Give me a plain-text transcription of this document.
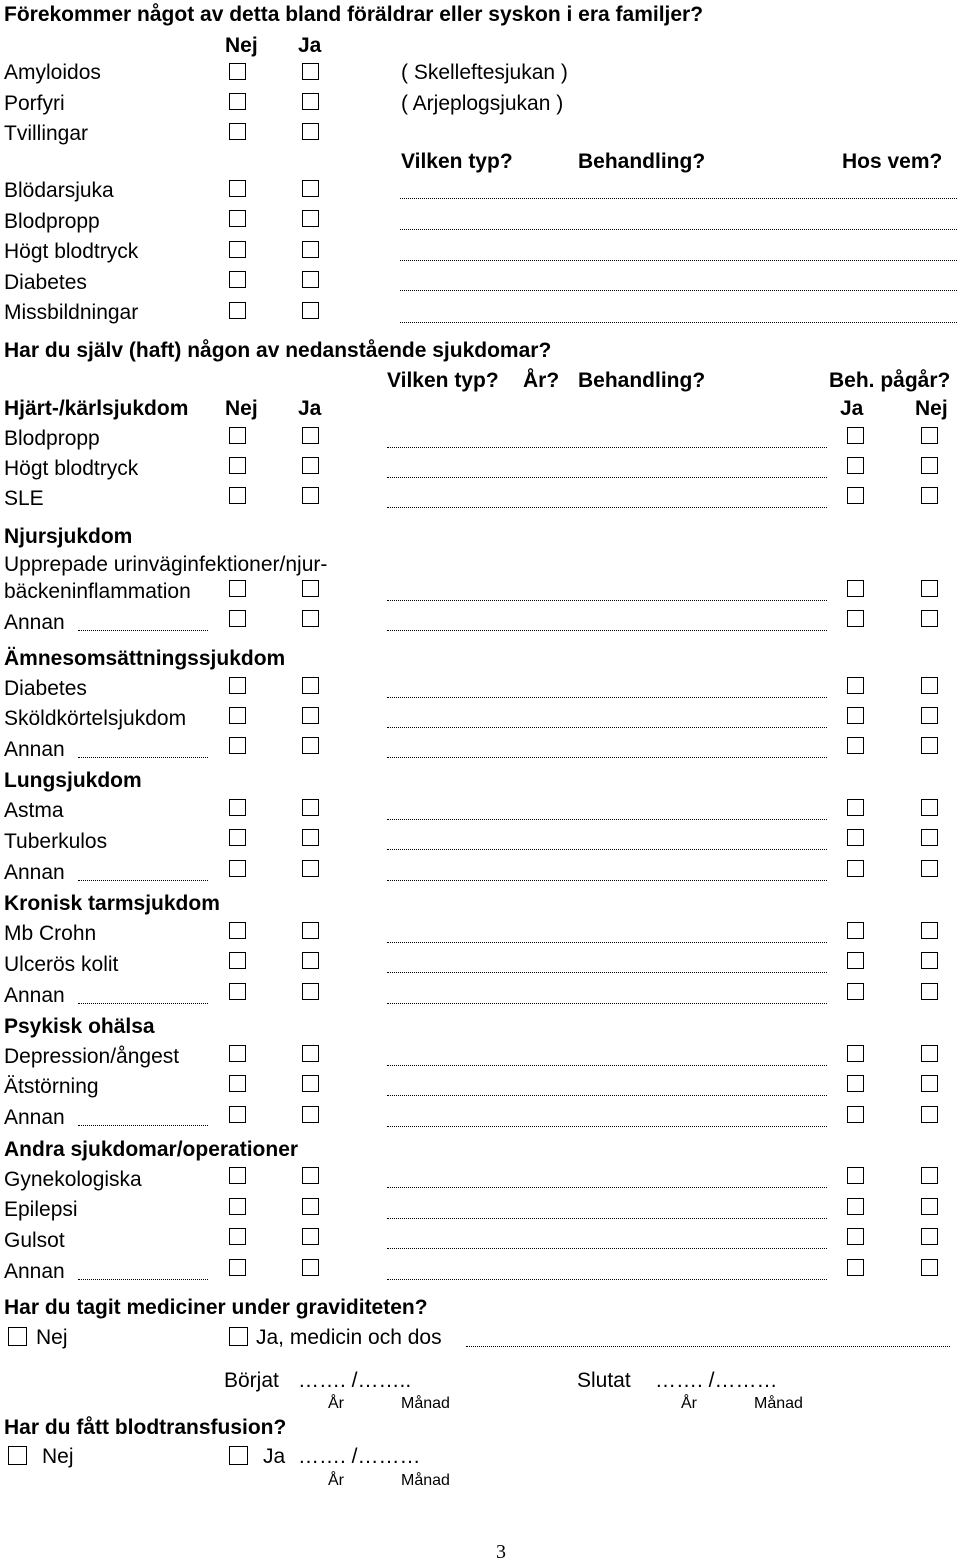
Förekommer något av detta bland föräldrar eller syskon i era familjer?
Nej Ja
Amyloidos	( Skelleftesjukan )
Porfyri	( Arjeplogsjukan )
Tvillingar
Vilken typ?	Behandling?	Hos vem?
Blödarsjuka
Blodpropp
Högt blodtryck
Diabetes
Missbildningar
Har du själv (haft) någon av nedanstående sjukdomar?
Vilken typ? År? Behandling?	Beh. pågår?
Hjärt-/kärlsjukdom Nej Ja	Ja Nej
Blodpropp
Högt blodtryck
SLE
Njursjukdom
Upprepade urinväginfektioner/njur-
bäckeninflammation
Annan
Ämnesomsättningssjukdom
Diabetes
Sköldkörtelsjukdom
Annan
Lungsjukdom
Astma
Tuberkulos
Annan
Kronisk tarmsjukdom
Mb Crohn
Ulcerös kolit
Annan
Psykisk ohälsa
Depression/ångest
Ätstörning
Annan
Andra sjukdomar/operationer
Gynekologiska
Epilepsi
Gulsot
Annan
Har du tagit mediciner under graviditeten?
Nej	Ja, medicin och dos
Börjat ……. /……..
År	Månad
Slutat ……. /………
År	Månad
Har du fått blodtransfusion?
Nej	Ja ……. /………
År	Månad
3
